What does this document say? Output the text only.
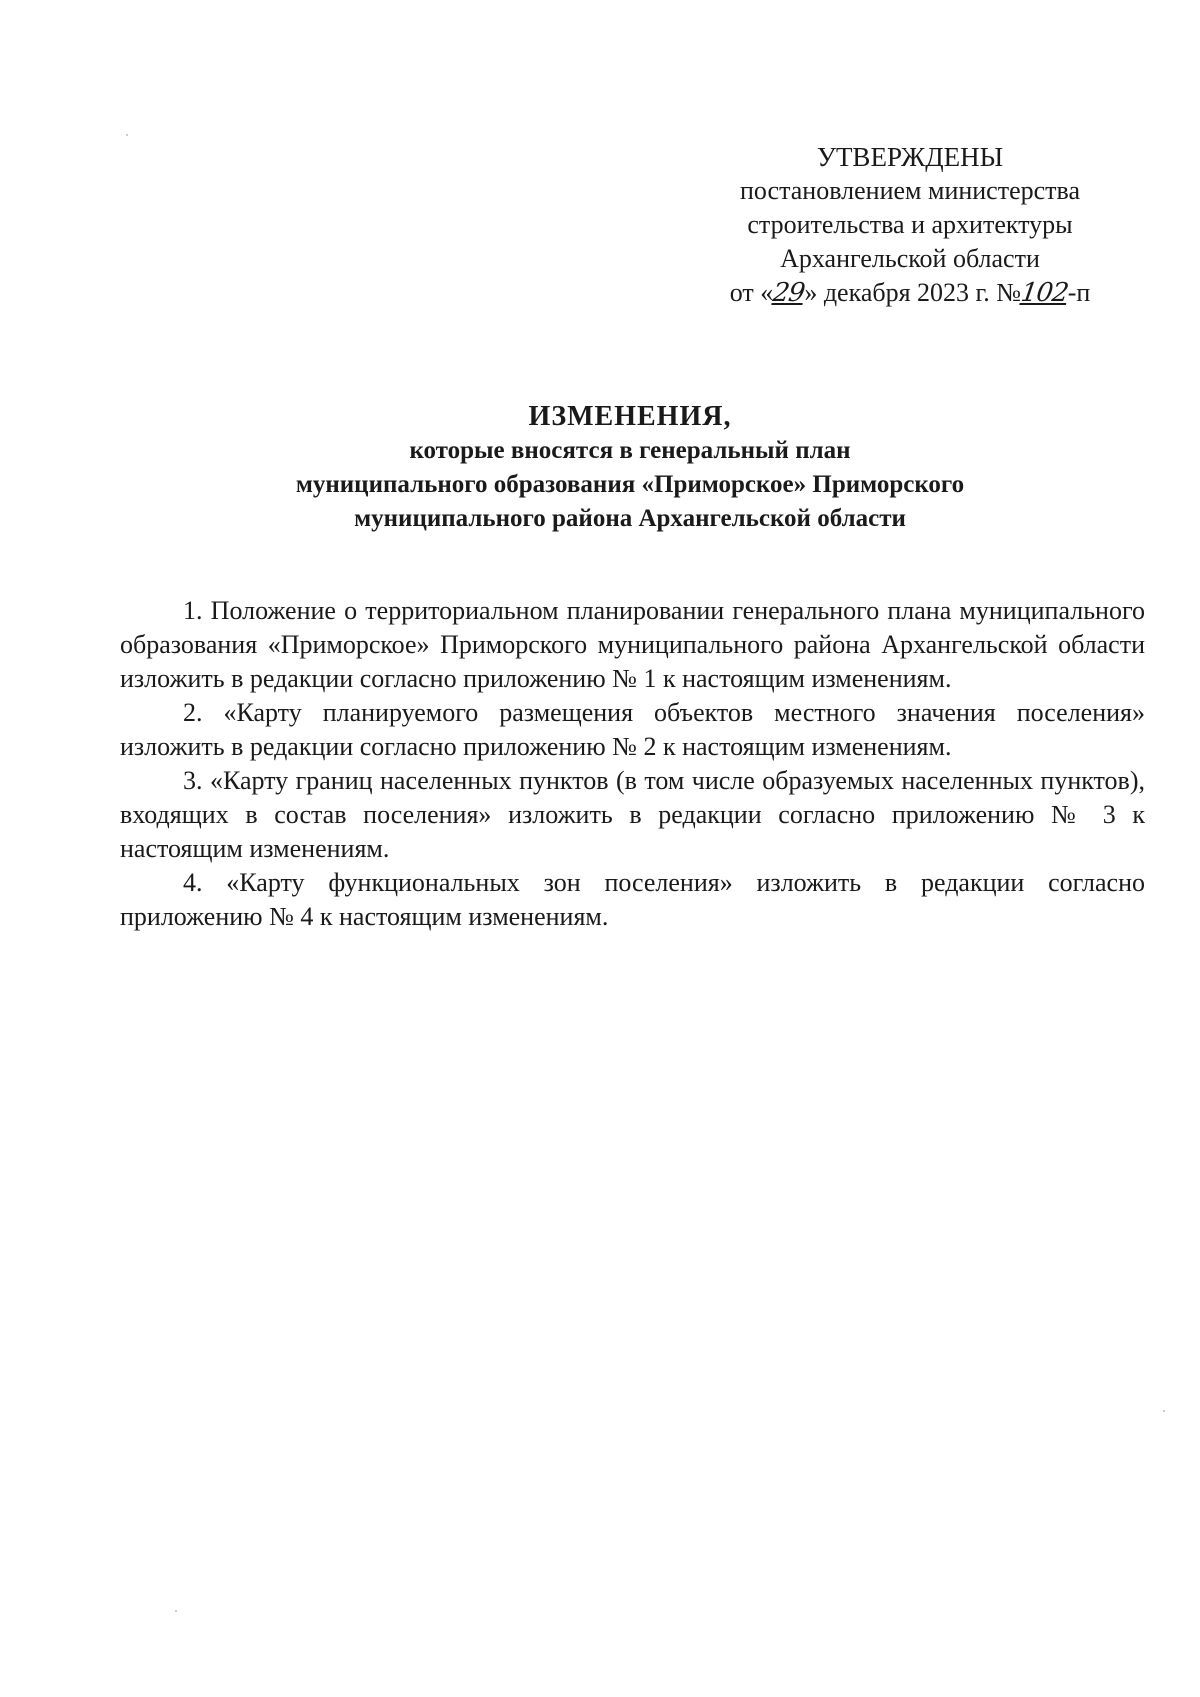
УТВЕРЖДЕНЫ
постановлением министерства
строительства и архитектуры
Архангельской области
от «29» декабря 2023 г. №102-п
ИЗМЕНЕНИЯ,
которые вносятся в генеральный план
муниципального образования «Приморское» Приморского
муниципального района Архангельской области

1. Положение о территориальном планировании генерального плана муниципального образования «Приморское» Приморского муниципального района Архангельской области изложить в редакции согласно приложению № 1 к настоящим изменениям.

2. «Карту планируемого размещения объектов местного значения поселения» изложить в редакции согласно приложению № 2 к настоящим изменениям.

3. «Карту границ населенных пунктов (в том числе образуемых населенных пунктов), входящих в состав поселения» изложить в редакции согласно приложению № 3 к настоящим изменениям.

4. «Карту функциональных зон поселения» изложить в редакции согласно приложению № 4 к настоящим изменениям.
